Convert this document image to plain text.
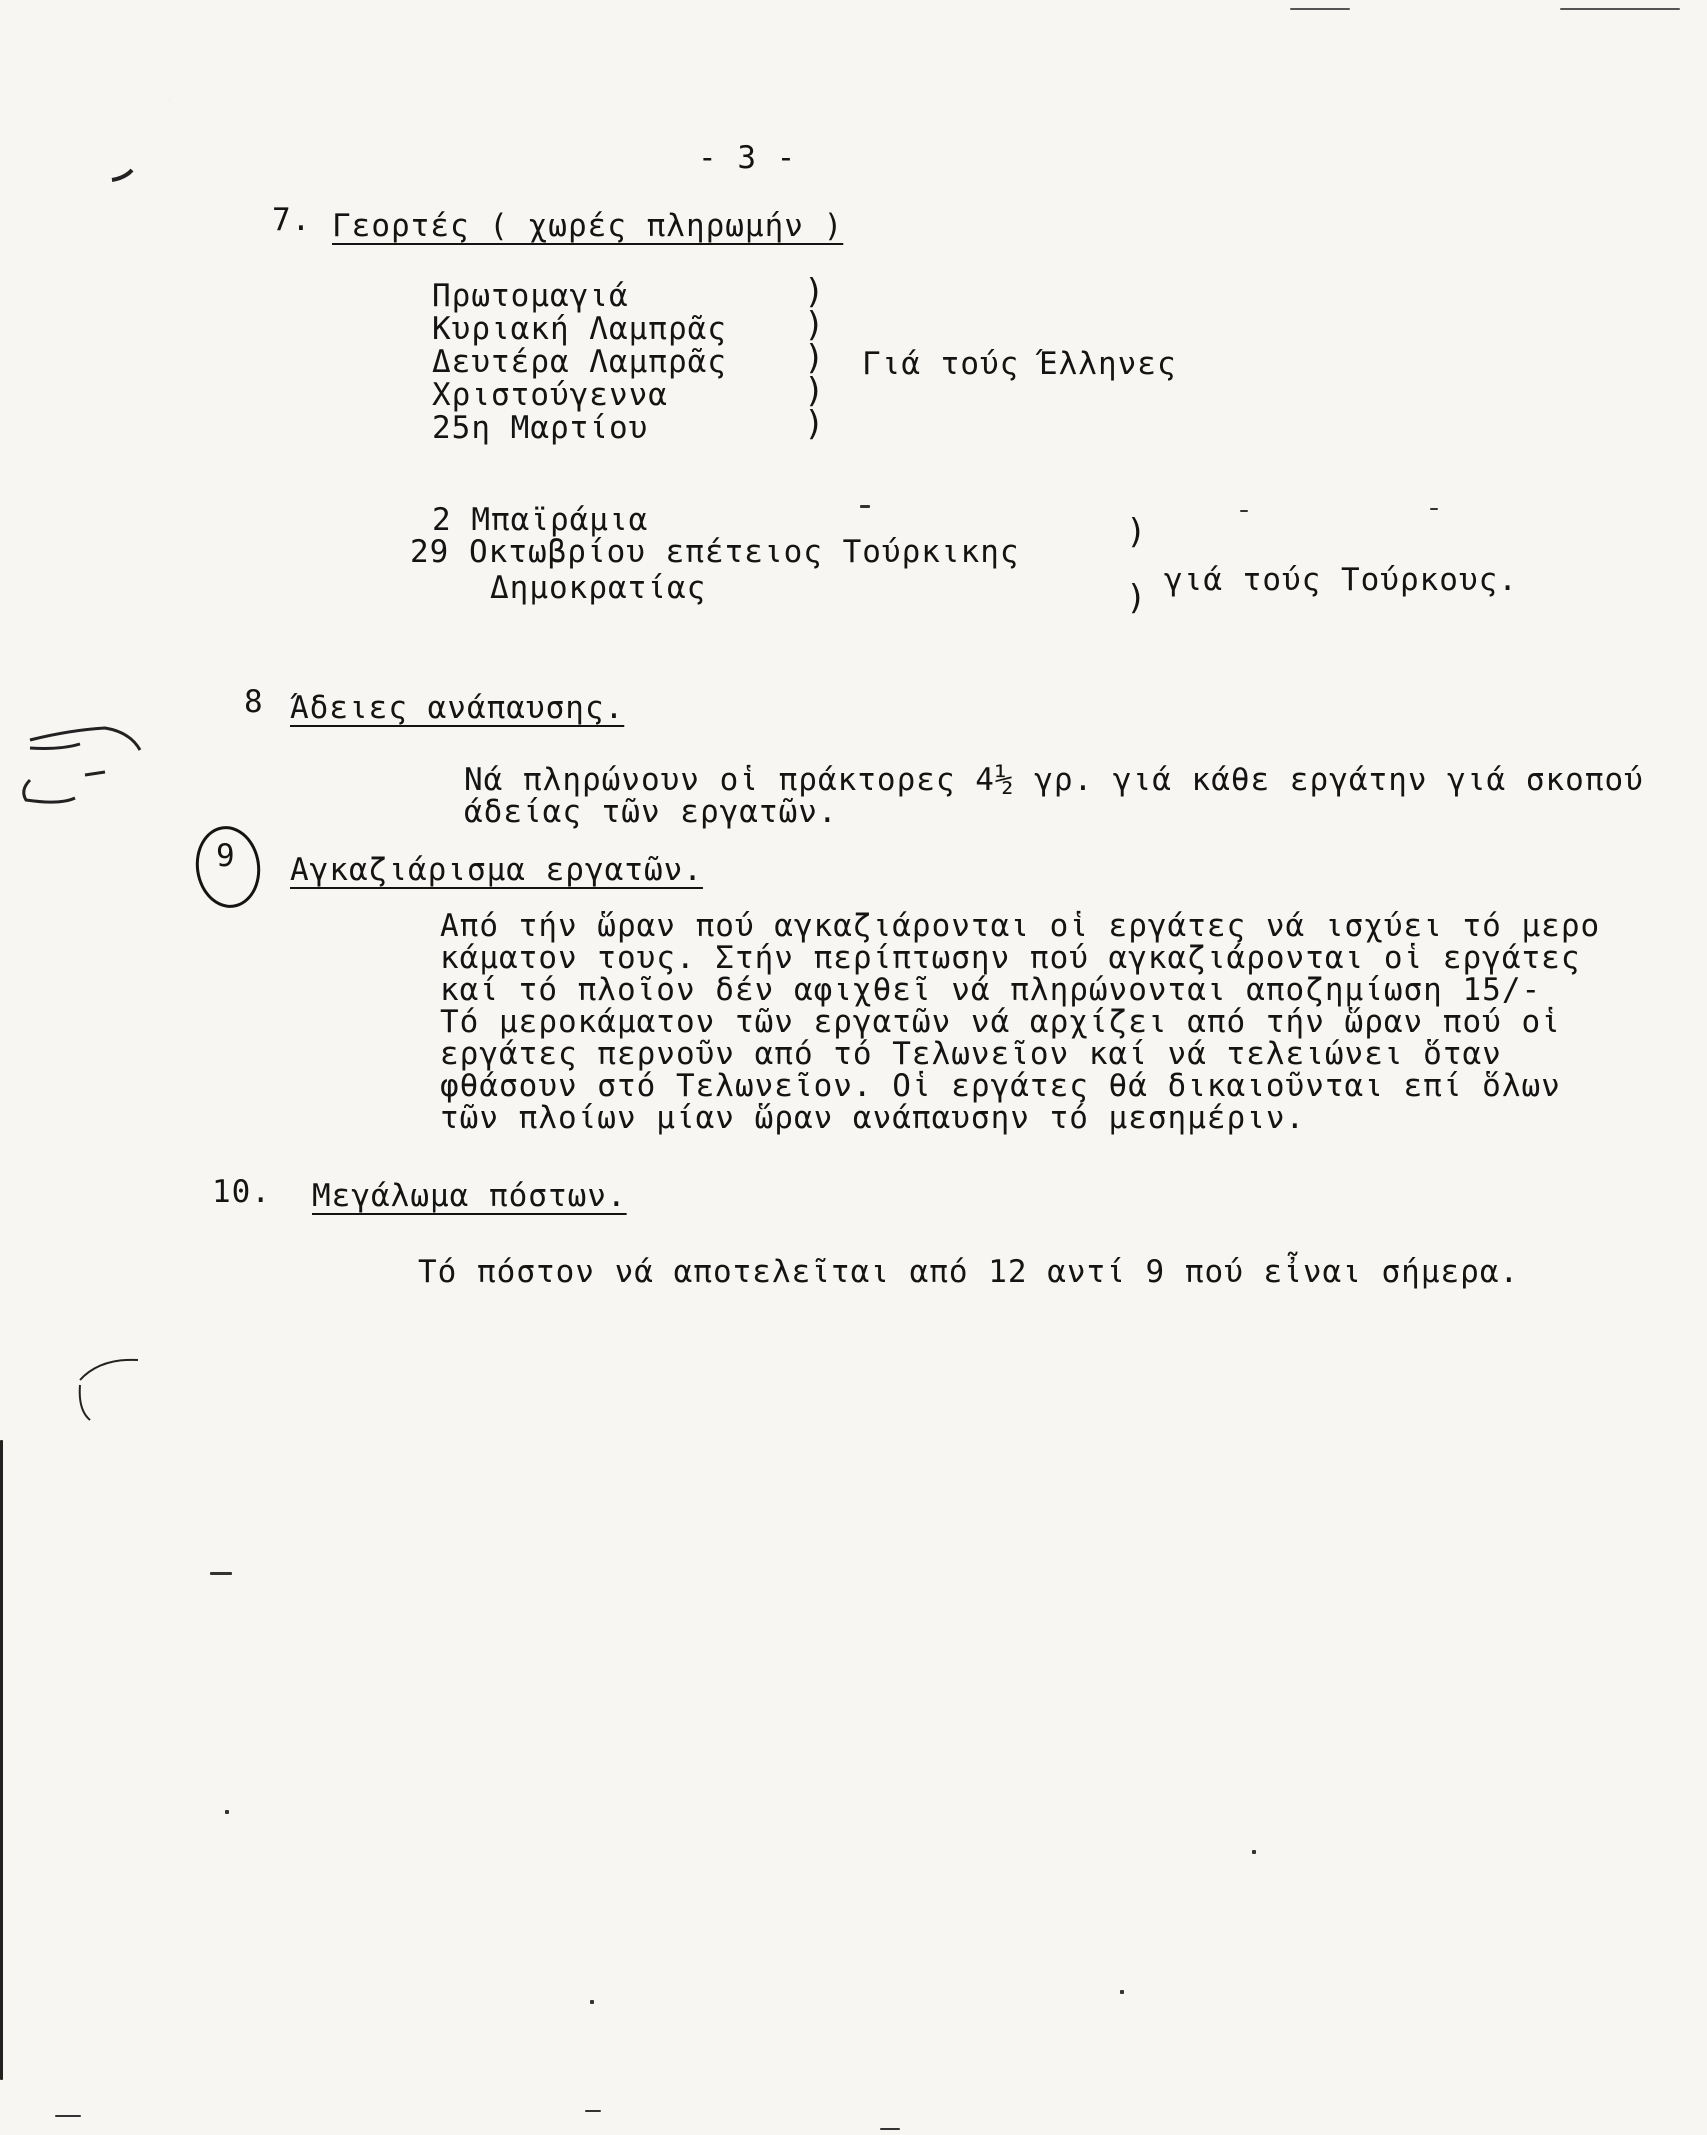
- 3 -
7. Γεορτές ( χωρές πληρωμήν )
Πρωτομαγιά
Κυριακή Λαμπρᾶς
Δευτέρα Λαμπρᾶς
Χριστούγεννα
25η Μαρτίου
)
)
)
)
)
Γιά τούς Έλληνες
2 Μπαϊράμια
29 Οκτωβρίου επέτειος Τούρκικης
Δημοκρατίας
)

) γιά τούς Τούρκους.
8 Άδειες ανάπαυσης.
Νά πληρώνουν οἱ πράκτορες 4½ γρ. γιά κάθε εργάτην γιά σκοπού
άδείας τῶν εργατῶν.
9 Αγκαζιάρισμα εργατῶν.
Από τήν ὥραν πού αγκαζιάρονται οἱ εργάτες νά ισχύει τό μερο
κάματον τους. Στήν περίπτωσην πού αγκαζιάρονται οἱ εργάτες
καί τό πλοῖον δέν αφιχθεῖ νά πληρώνονται αποζημίωση 15/-
Τό μεροκάματον τῶν εργατῶν νά αρχίζει από τήν ὥραν πού οἱ
εργάτες περνοῦν από τό Τελωνεῖον καί νά τελειώνει ὅταν
φθάσουν στό Τελωνεῖον. Οἱ εργάτες θά δικαιοῦνται επί ὅλων
τῶν πλοίων μίαν ὥραν ανάπαυσην τό μεσημέριν.
10. Μεγάλωμα πόστων.
Τό πόστον νά αποτελεῖται από 12 αντί 9 πού εἶναι σήμερα.
